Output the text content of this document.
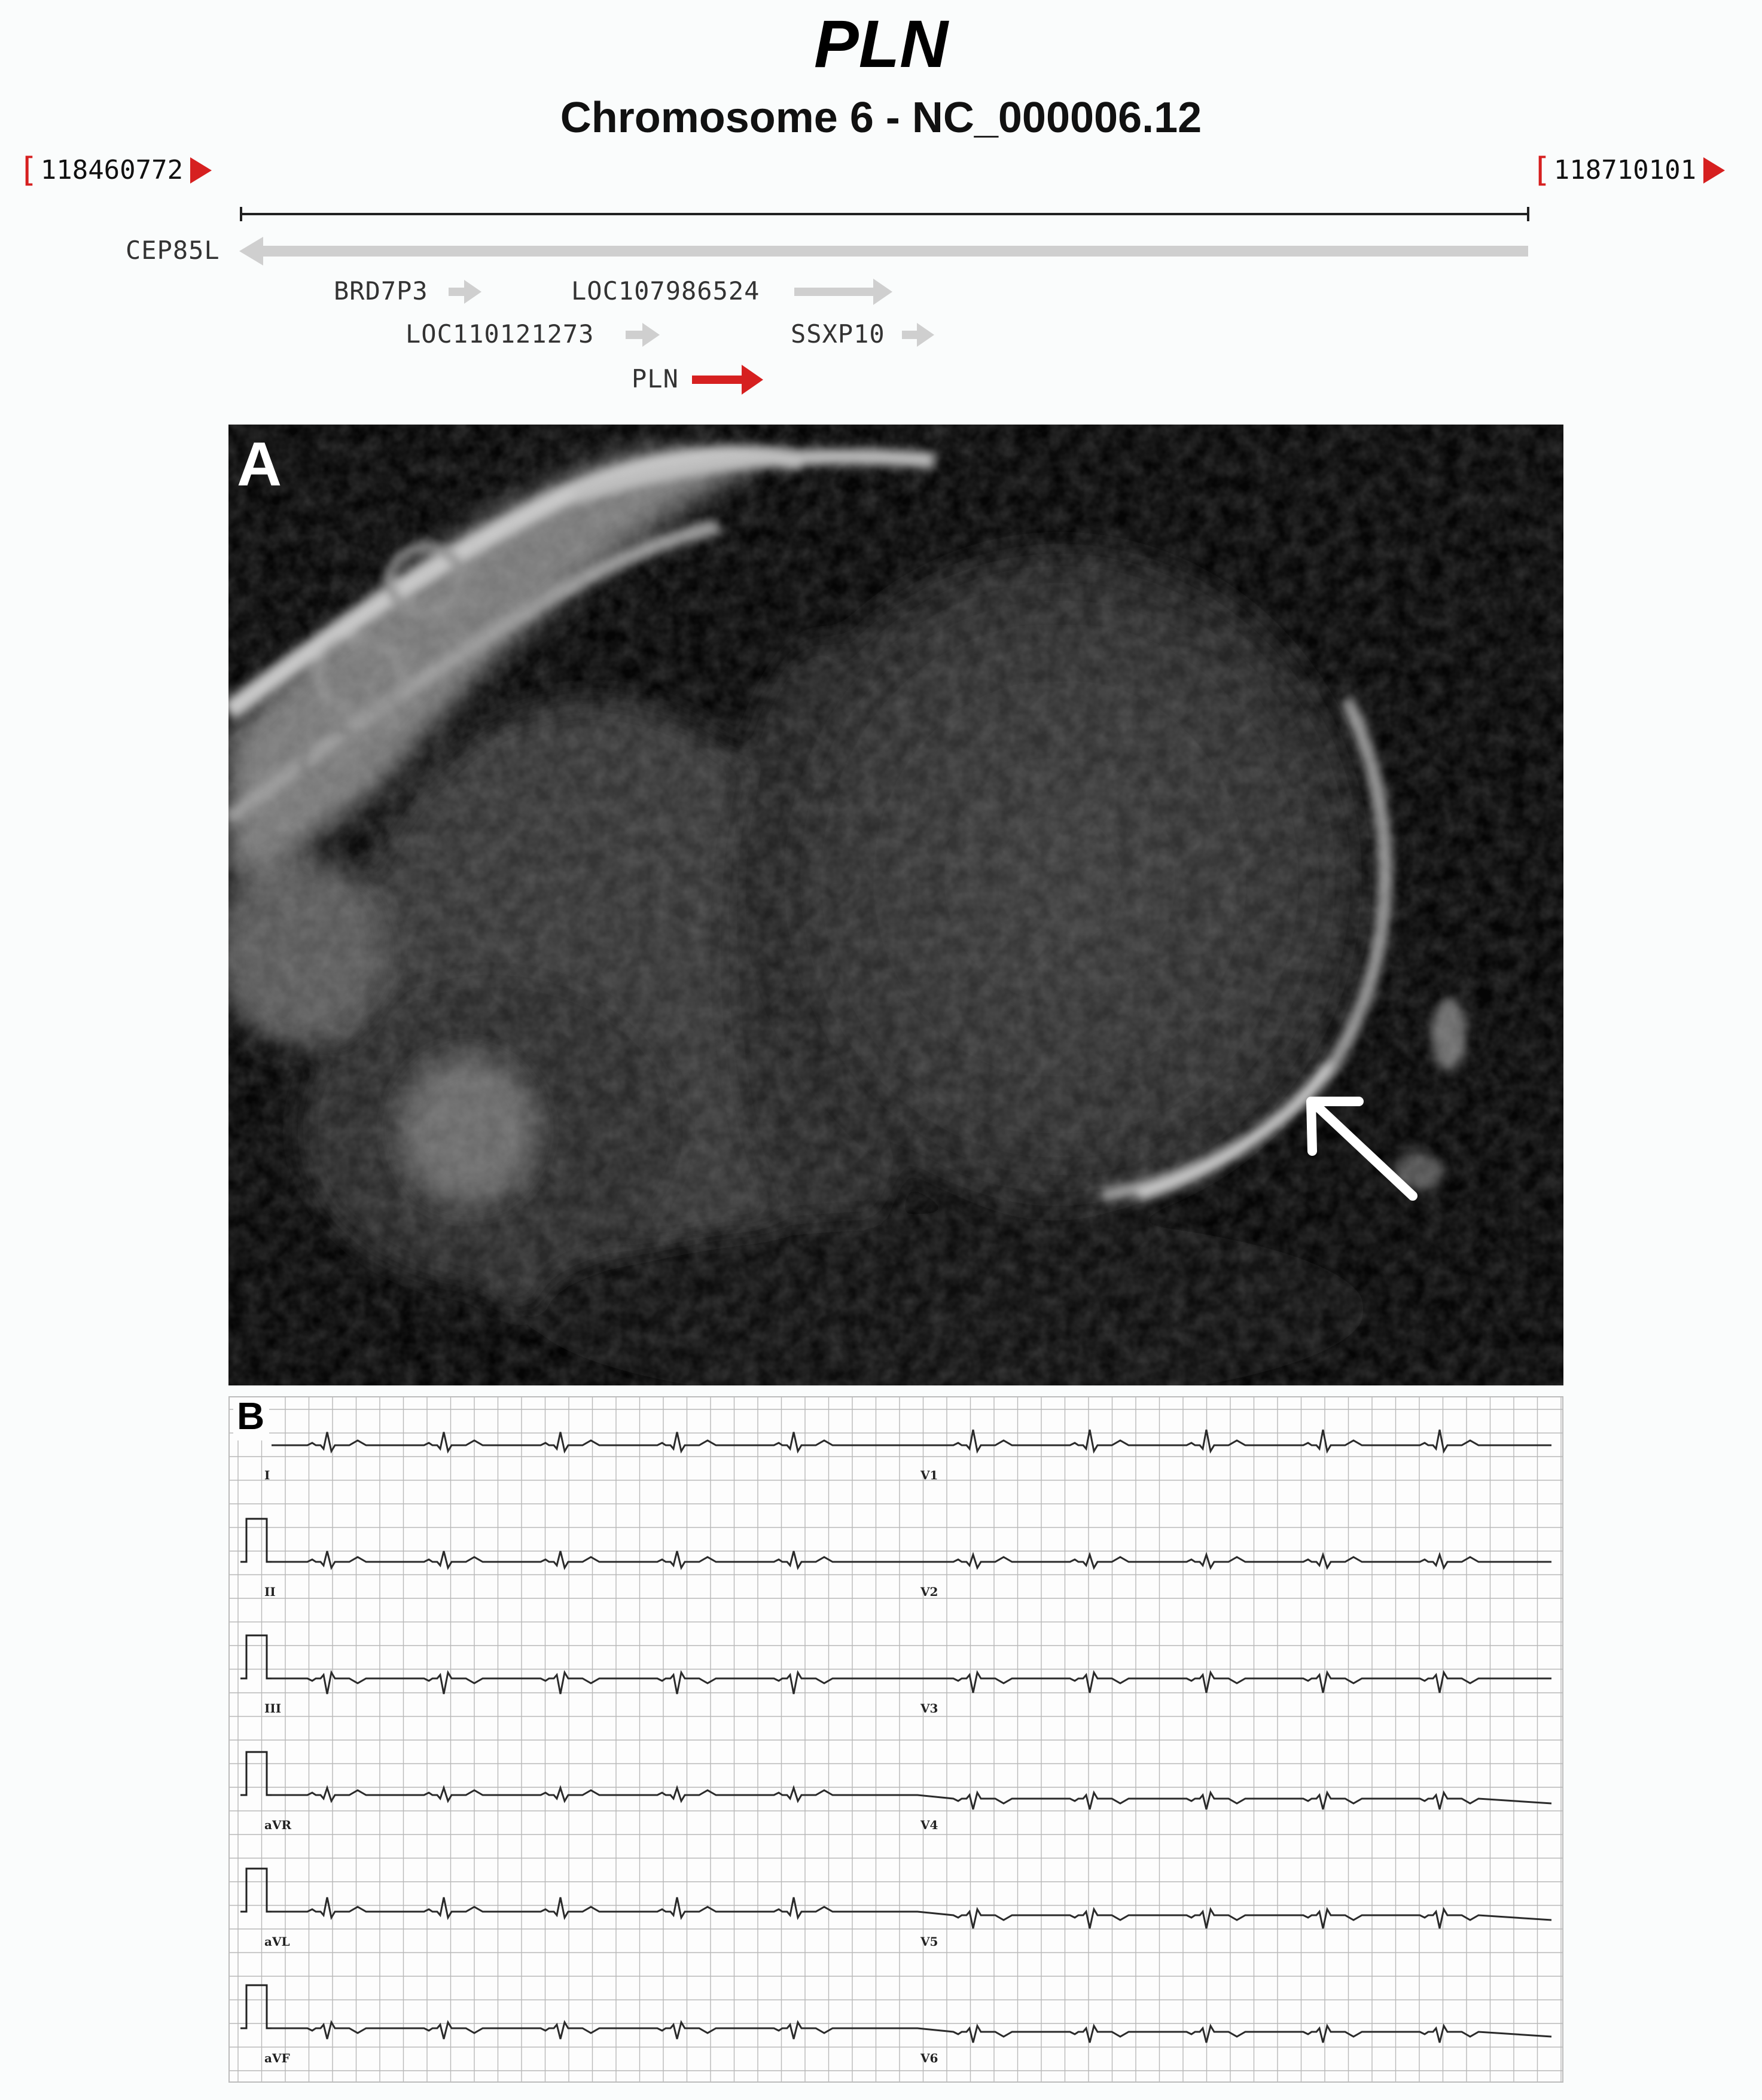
PLN
Chromosome 6 - NC_000006.12
[ 118460772	[ 118710101
CEP85L
BRD7P3	LOC107986524
LOC110121273	SSXP10
PLN
A
B
I
II
III
aVR
aVL
aVF
V1
V2
V3
V4
V5
V6
